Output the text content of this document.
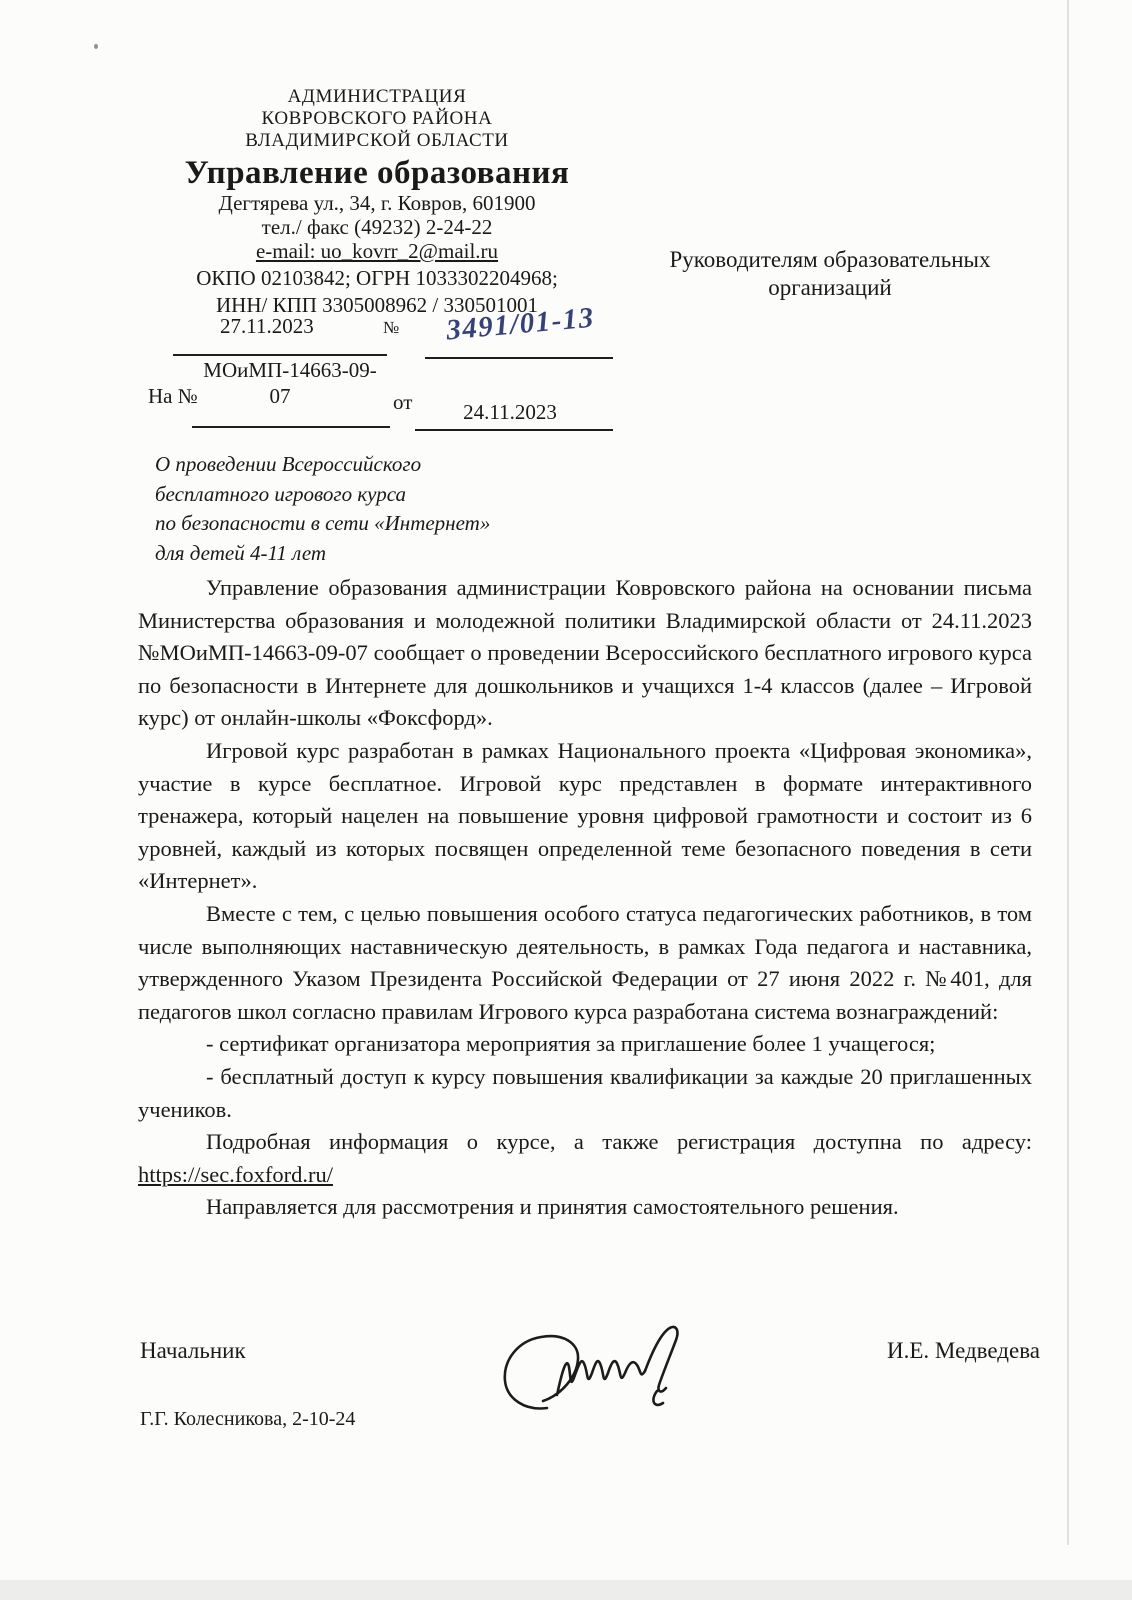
АДМИНИСТРАЦИЯ
КОВРОВСКОГО РАЙОНА
ВЛАДИМИРСКОЙ ОБЛАСТИ
Управление образования
Дегтярева ул., 34, г. Ковров, 601900
тел./ факс (49232) 2-24-22
e-mail: uo_kovrr_2@mail.ru
ОКПО 02103842; ОГРН 1033302204968;
ИНН/ КПП 3305008962 / 330501001
Руководителям образовательных
организаций
27.11.2023	№	3491/01-13
МОиМП-14663-09-
На №	07	от	24.11.2023
О проведении Всероссийского
бесплатного игрового курса
по безопасности в сети «Интернет»
для детей 4-11 лет

Управление образования администрации Ковровского района на основании письма Министерства образования и молодежной политики Владимирской области от 24.11.2023 №МОиМП-14663-09-07 сообщает о проведении Всероссийского бесплатного игрового курса по безопасности в Интернете для дошкольников и учащихся 1-4 классов (далее – Игровой курс) от онлайн-школы «Фоксфорд».

Игровой курс разработан в рамках Национального проекта «Цифровая экономика», участие в курсе бесплатное. Игровой курс представлен в формате интерактивного тренажера, который нацелен на повышение уровня цифровой грамотности и состоит из 6 уровней, каждый из которых посвящен определенной теме безопасного поведения в сети «Интернет».

Вместе с тем, с целью повышения особого статуса педагогических работников, в том числе выполняющих наставническую деятельность, в рамках Года педагога и наставника, утвержденного Указом Президента Российской Федерации от 27 июня 2022 г. №401, для педагогов школ согласно правилам Игрового курса разработана система вознаграждений:

- сертификат организатора мероприятия за приглашение более 1 учащегося;

- бесплатный доступ к курсу повышения квалификации за каждые 20 приглашенных учеников.

Подробная информация о курсе, а также регистрация доступна по адресу: https://sec.foxford.ru/

Направляется для рассмотрения и принятия самостоятельного решения.

Начальник	И.Е. Медведева
Г.Г. Колесникова, 2-10-24
